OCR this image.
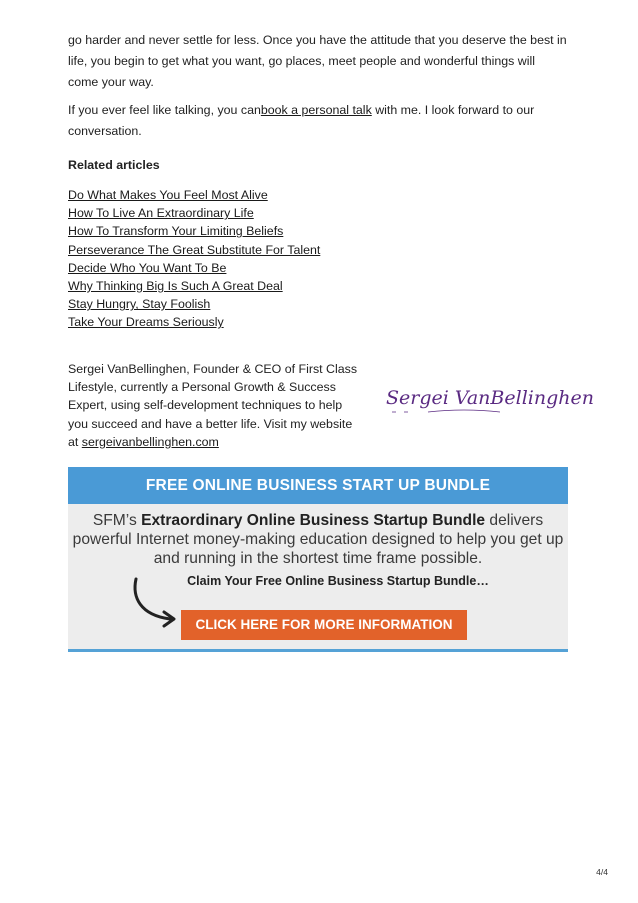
go harder and never settle for less. Once you have the attitude that you deserve the best in life, you begin to get what you want, go places, meet people and wonderful things will come your way.

If you ever feel like talking, you canbook a personal talk with me. I look forward to our conversation.

Related articles
Do What Makes You Feel Most Alive
How To Live An Extraordinary Life
How To Transform Your Limiting Beliefs
Perseverance The Great Substitute For Talent
Decide Who You Want To Be
Why Thinking Big Is Such A Great Deal
Stay Hungry, Stay Foolish
Take Your Dreams Seriously

Sergei VanBellinghen, Founder & CEO of First Class Lifestyle, currently a Personal Growth & Success Expert, using self-development techniques to help you succeed and have a better life. Visit my website at sergeivanbellinghen.com

Sergei VanBellinghen
FREE ONLINE BUSINESS START UP BUNDLE
SFM’s Extraordinary Online Business Startup Bundle delivers powerful Internet money-making education designed to help you get up and running in the shortest time frame possible.
Claim Your Free Online Business Startup Bundle…
CLICK HERE FOR MORE INFORMATION
4/4
